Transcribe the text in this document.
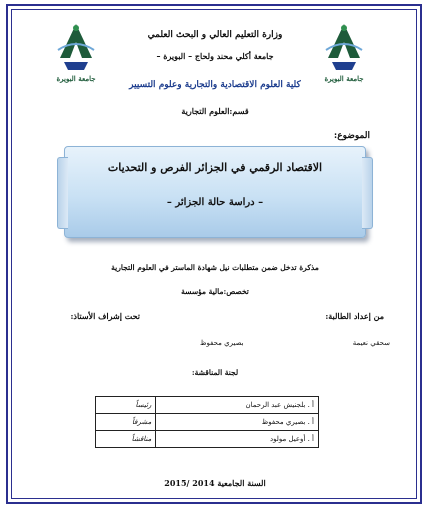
جامعة البويرة	جامعة البويرة
وزارة التعليم العالي و البحث العلمي
جامعة أكلي محند ولحاج – البويرة –
كلية العلوم الاقتصادية والتجارية وعلوم التسيير
قسم:العلوم التجارية
الموضوع:
الاقتصاد الرقمي في الجزائر الفرص و التحديات
– دراسة حالة الجزائر –
مذكرة تدخل ضمن متطلبات نيل شهادة الماستر في العلوم التجارية
تخصص:مالية مؤسسة
من إعداد الطالبة:
تحت إشراف الأستاذ:
سحقي نعيمة
بصيري محفوظ
لجنة المناقشة:
رئيساً	أ . بلجنيش عبد الرحمان
مشرفاً	أ . بصيري محفوظ
مناقشاً	أ . أوعيل مولود
السنة الجامعية 2014 /2015
